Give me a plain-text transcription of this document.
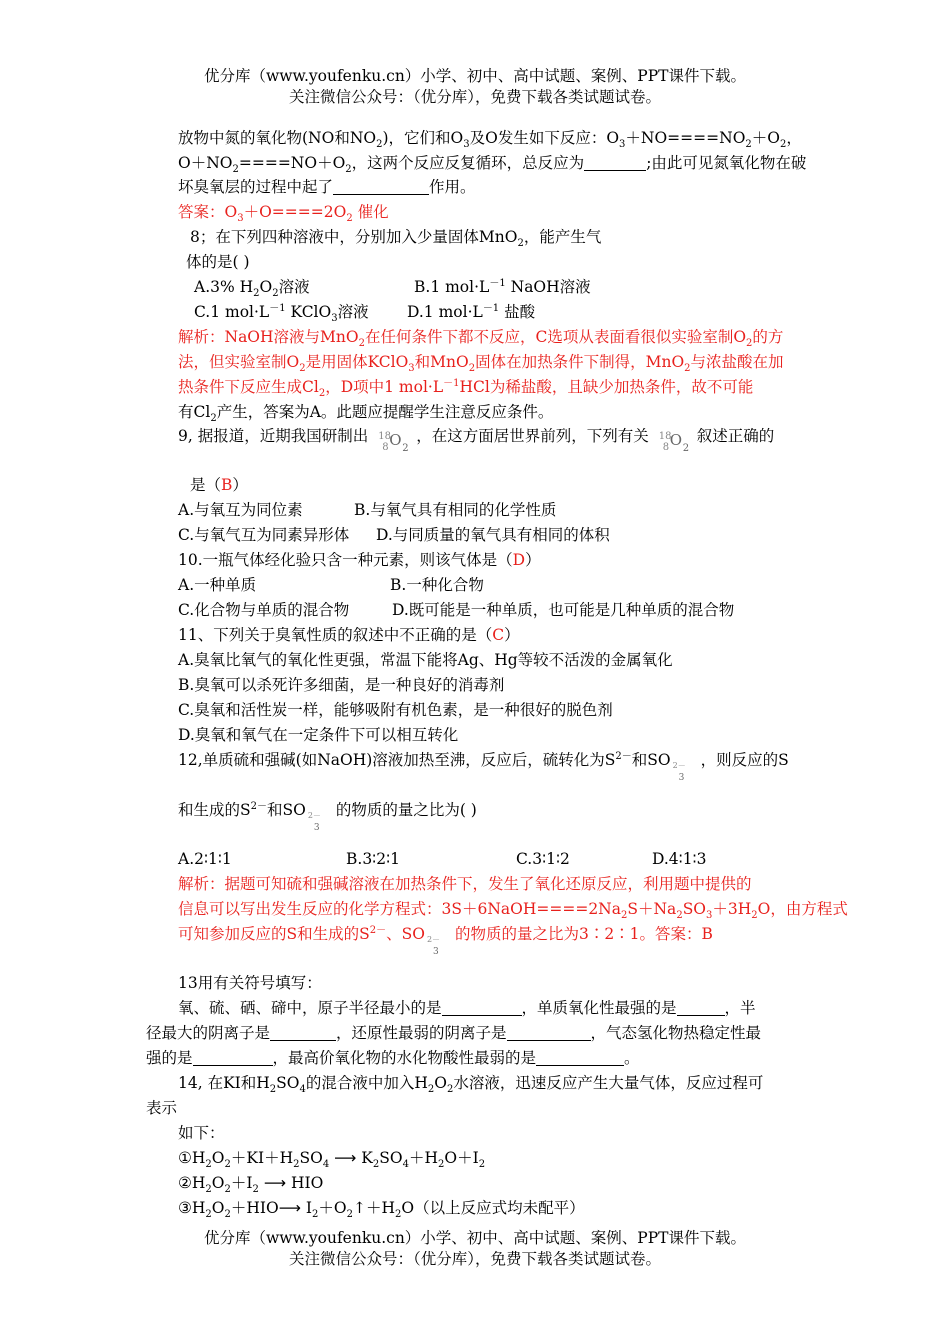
优分库（www.youfenku.cn）小学、初中、高中试题、案例、PPT课件下载。
关注微信公众号：（优分库），免费下载各类试题试卷。
放物中氮的氧化物(NO和$NO_2$)，它们和$O_3$及O发生如下反应：$O_3+NO====NO_2+O_2$，
$O+NO_2====NO+O_2$，这两个反应反复循环，总反应为	;由此可见氮氧化物在破
坏臭氧层的过程中起了	作用。
答案：$O_3+O====2O_2$ 催化
8；在下列四种溶液中，分别加入少量固体MnO$_2$，能产生气
体的是( )
A.3% $H_2O_2$溶液	B.1 $mol\cdot L^{-1}$ NaOH溶液
C.1 $mol\cdot L^{-1}$ KClO$_3$溶液 D.1 $mol\cdot L^{-1}$ 盐酸
解析：NaOH溶液与MnO$_2$在任何条件下都不反应，C选项从表面看很似实验室制$O_2$的方
法，但实验室制$O_2$是用固体KClO$_3$和MnO$_2$固体在加热条件下制得，MnO$_2$与浓盐酸在加
热条件下反应生成$Cl_2$，D项中1 $mol\cdot L^{-1}HCl$为稀盐酸，且缺少加热条件，故不可能
有$Cl_2$产生，答案为A。此题应提醒学生注意反应条件。
9, 据报道，近期我国研制出 18
8 O 2
，在这方面居世界前列，下列有关 18
8 O 2
叙述正确的
是（B）
A.与氧互为同位素	B.与氧气具有相同的化学性质
C.与氧气互为同素异形体 D.与同质量的氧气具有相同的体积
10.一瓶气体经化验只含一种元素，则该气体是（D）
A.一种单质	B.一种化合物
C.化合物与单质的混合物	D.既可能是一种单质，也可能是几种单质的混合物
11、下列关于臭氧性质的叙述中不正确的是（C）
A.臭氧比氧气的氧化性更强，常温下能将Ag、Hg等较不活泼的金属氧化
B.臭氧可以杀死许多细菌，是一种良好的消毒剂
C.臭氧和活性炭一样，能够吸附有机色素，是一种很好的脱色剂
D.臭氧和氧气在一定条件下可以相互转化
12,单质硫和强碱(如NaOH)溶液加热至沸，反应后，硫转化为$S^{2-}$和SO 2－
3
，则反应的S
和生成的$S^{2-}$和SO 2－
3
的物质的量之比为( )
A.2∶1∶1	B.3∶2∶1	C.3∶1∶2	D.4∶1∶3
解析：据题可知硫和强碱溶液在加热条件下，发生了氧化还原反应，利用题中提供的
信息可以写出发生反应的化学方程式：$3S+6NaOH====2Na_2S+Na_2SO_3+3H_2O$，由方程式
可知参加反应的S和生成的$S^{2-}$、SO 2－
3
的物质的量之比为3∶2∶1。答案：B
13用有关符号填写：
氧、硫、硒、碲中，原子半径最小的是	，单质氧化性最强的是	，半
径最大的阴离子是	，还原性最弱的阴离子是	，气态氢化物热稳定性最
强的是	，最高价氧化物的水化物酸性最弱的是	。
14, 在KI和$H_2SO_4$的混合液中加入$H_2O_2$水溶液，迅速反应产生大量气体，反应过程可
表示
如下：
$①H_2O_2+KI+H_2SO_4$ ⟶ $K_2SO_4+H_2O+I_2$
$②H_2O_2+I_2$ ⟶ HIO
$③H_2O_2+HIO⟶$ $I_2+O_2↑+H_2O$（以上反应式均未配平）
优分库（www.youfenku.cn）小学、初中、高中试题、案例、PPT课件下载。
关注微信公众号：（优分库），免费下载各类试题试卷。
